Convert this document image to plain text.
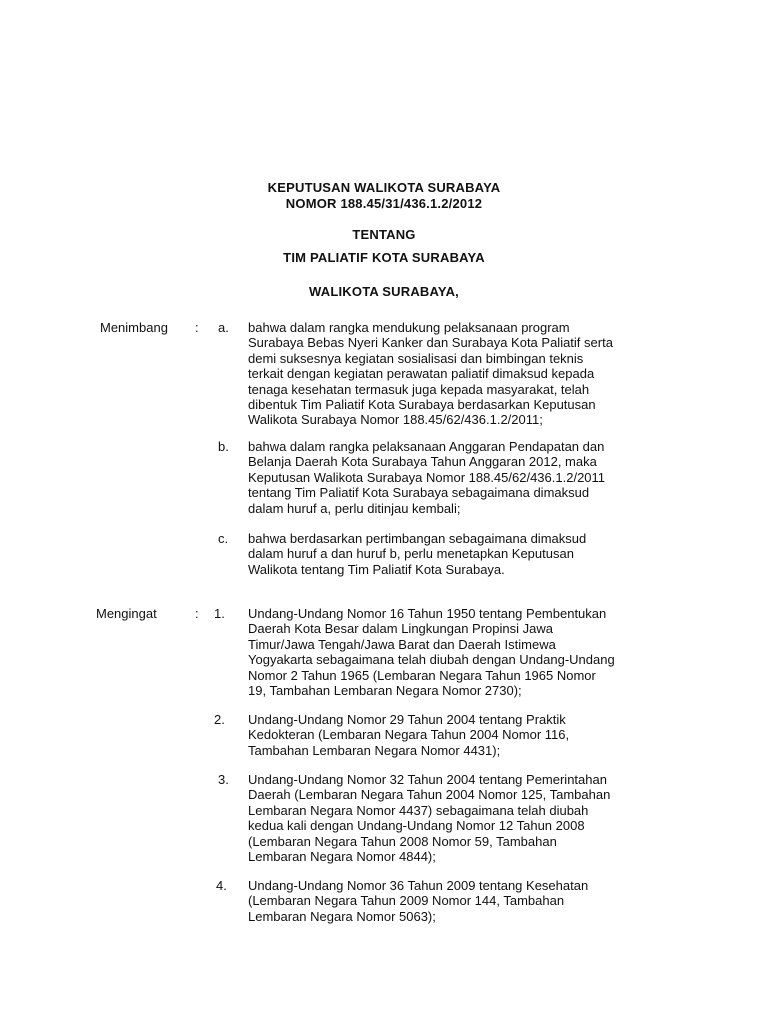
KEPUTUSAN WALIKOTA SURABAYA
NOMOR 188.45/31/436.1.2/2012
TENTANG
TIM PALIATIF KOTA SURABAYA
WALIKOTA SURABAYA,
Menimbang : a. bahwa dalam rangka mendukung pelaksanaan program
Surabaya Bebas Nyeri Kanker dan Surabaya Kota Paliatif serta
demi suksesnya kegiatan sosialisasi dan bimbingan teknis
terkait dengan kegiatan perawatan paliatif dimaksud kepada
tenaga kesehatan termasuk juga kepada masyarakat, telah
dibentuk Tim Paliatif Kota Surabaya berdasarkan Keputusan
Walikota Surabaya Nomor 188.45/62/436.1.2/2011;
b. bahwa dalam rangka pelaksanaan Anggaran Pendapatan dan
Belanja Daerah Kota Surabaya Tahun Anggaran 2012, maka
Keputusan Walikota Surabaya Nomor 188.45/62/436.1.2/2011
tentang Tim Paliatif Kota Surabaya sebagaimana dimaksud
dalam huruf a, perlu ditinjau kembali;
c. bahwa berdasarkan pertimbangan sebagaimana dimaksud
dalam huruf a dan huruf b, perlu menetapkan Keputusan
Walikota tentang Tim Paliatif Kota Surabaya.
Mengingat	: 1. Undang-Undang Nomor 16 Tahun 1950 tentang Pembentukan
Daerah Kota Besar dalam Lingkungan Propinsi Jawa
Timur/Jawa Tengah/Jawa Barat dan Daerah Istimewa
Yogyakarta sebagaimana telah diubah dengan Undang-Undang
Nomor 2 Tahun 1965 (Lembaran Negara Tahun 1965 Nomor
19, Tambahan Lembaran Negara Nomor 2730);
2. Undang-Undang Nomor 29 Tahun 2004 tentang Praktik
Kedokteran (Lembaran Negara Tahun 2004 Nomor 116,
Tambahan Lembaran Negara Nomor 4431);
3. Undang-Undang Nomor 32 Tahun 2004 tentang Pemerintahan
Daerah (Lembaran Negara Tahun 2004 Nomor 125, Tambahan
Lembaran Negara Nomor 4437) sebagaimana telah diubah
kedua kali dengan Undang-Undang Nomor 12 Tahun 2008
(Lembaran Negara Tahun 2008 Nomor 59, Tambahan
Lembaran Negara Nomor 4844);
4. Undang-Undang Nomor 36 Tahun 2009 tentang Kesehatan
(Lembaran Negara Tahun 2009 Nomor 144, Tambahan
Lembaran Negara Nomor 5063);
